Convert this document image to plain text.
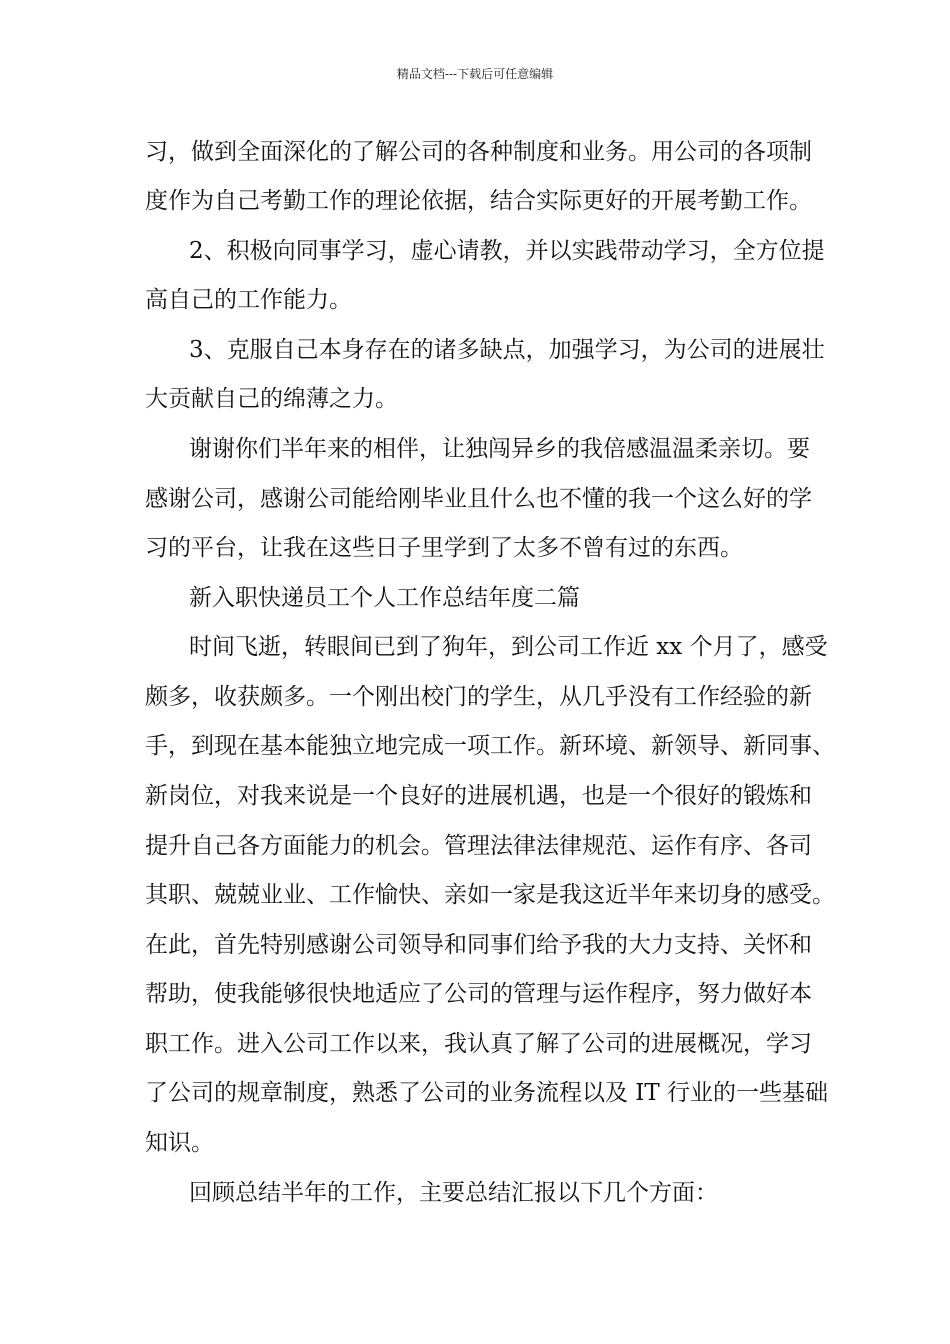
精品文档---下载后可任意编辑

习，做到全面深化的了解公司的各种制度和业务。用公司的各项制

度作为自己考勤工作的理论依据，结合实际更好的开展考勤工作。

2、积极向同事学习，虚心请教，并以实践带动学习，全方位提

高自己的工作能力。

3、克服自己本身存在的诸多缺点，加强学习，为公司的进展壮

大贡献自己的绵薄之力。

谢谢你们半年来的相伴，让独闯异乡的我倍感温温柔亲切。要

感谢公司，感谢公司能给刚毕业且什么也不懂的我一个这么好的学

习的平台，让我在这些日子里学到了太多不曾有过的东西。

新入职快递员工个人工作总结年度二篇

时间飞逝，转眼间已到了狗年，到公司工作近 xx 个月了，感受

颇多，收获颇多。一个刚出校门的学生，从几乎没有工作经验的新

手，到现在基本能独立地完成一项工作。新环境、新领导、新同事、

新岗位，对我来说是一个良好的进展机遇，也是一个很好的锻炼和

提升自己各方面能力的机会。管理法律法律规范、运作有序、各司

其职、兢兢业业、工作愉快、亲如一家是我这近半年来切身的感受。

在此，首先特别感谢公司领导和同事们给予我的大力支持、关怀和

帮助，使我能够很快地适应了公司的管理与运作程序，努力做好本

职工作。进入公司工作以来，我认真了解了公司的进展概况，学习

了公司的规章制度，熟悉了公司的业务流程以及 IT 行业的一些基础

知识。

回顾总结半年的工作，主要总结汇报以下几个方面：
